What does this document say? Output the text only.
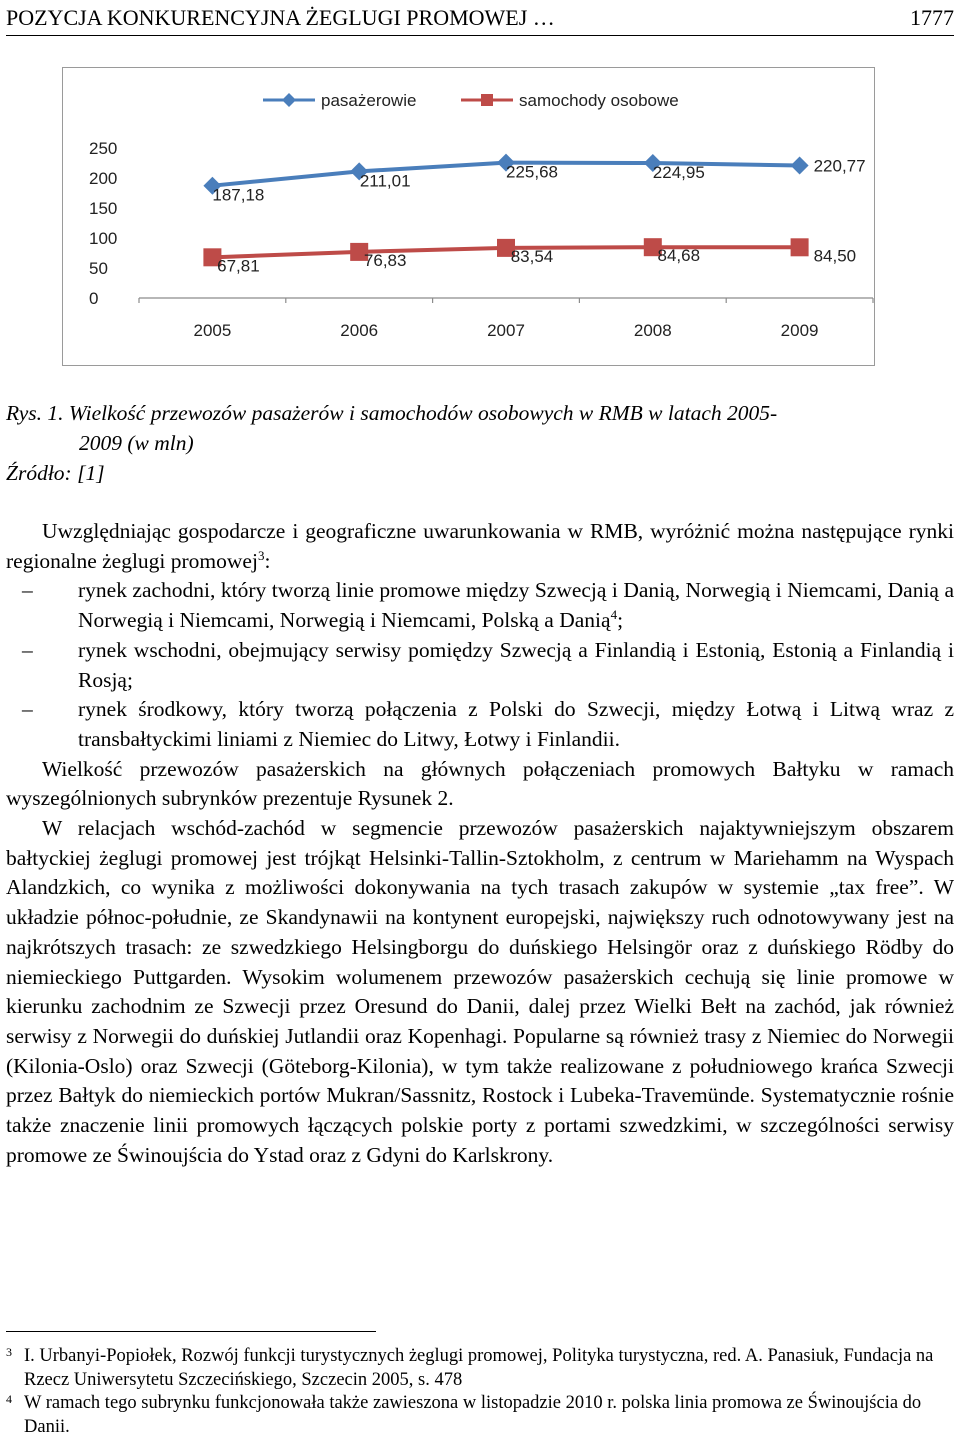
POZYCJA KONKURENCYJNA ŻEGLUGI PROMOWEJ …	1777
pasażerowie	samochody osobowe
250
200
150
100
50
0
2005	2006	2007	2008	2009
187,18
211,01	225,68	224,95	220,77
67,81	76,83	83,54	84,68	84,50
Rys. 1. Wielkość przewozów pasażerów i samochodów osobowych w RMB w latach 2005-
2009 (w mln)
Źródło: [1]

Uwzględniając gospodarcze i geograficzne uwarunkowania w RMB, wyróżnić można następujące rynki regionalne żeglugi promowej$^3$:

– rynek zachodni, który tworzą linie promowe między Szwecją i Danią, Norwegią i Niemcami, Danią a Norwegią i Niemcami, Norwegią i Niemcami, Polską a Danią$^4$;
– rynek wschodni, obejmujący serwisy pomiędzy Szwecją a Finlandią i Estonią, Estonią a Finlandią i Rosją;
– rynek środkowy, który tworzą połączenia z Polski do Szwecji, między Łotwą i Litwą wraz z transbałtyckimi liniami z Niemiec do Litwy, Łotwy i Finlandii.

Wielkość przewozów pasażerskich na głównych połączeniach promowych Bałtyku w ramach wyszególnionych subrynków prezentuje Rysunek 2.

W relacjach wschód-zachód w segmencie przewozów pasażerskich najaktywniejszym obszarem bałtyckiej żeglugi promowej jest trójkąt Helsinki-Tallin-Sztokholm, z centrum w Mariehamm na Wyspach Alandzkich, co wynika z możliwości dokonywania na tych trasach zakupów w systemie „tax free”. W układzie północ-południe, ze Skandynawii na kontynent europejski, największy ruch odnotowywany jest na najkrótszych trasach: ze szwedzkiego Helsingborgu do duńskiego Helsingör oraz z duńskiego Rödby do niemieckiego Puttgarden. Wysokim wolumenem przewozów pasażerskich cechują się linie promowe w kierunku zachodnim ze Szwecji przez Oresund do Danii, dalej przez Wielki Bełt na zachód, jak również serwisy z Norwegii do duńskiej Jutlandii oraz Kopenhagi. Popularne są również trasy z Niemiec do Norwegii (Kilonia-Oslo) oraz Szwecji (Göteborg-Kilonia), w tym także realizowane z południowego krańca Szwecji przez Bałtyk do niemieckich portów Mukran/Sassnitz, Rostock i Lubeka-Travemünde. Systematycznie rośnie także znaczenie linii promowych łączących polskie porty z portami szwedzkimi, w szczególności serwisy promowe ze Świnoujścia do Ystad oraz z Gdyni do Karlskrony.

3 I. Urbanyi-Popiołek, Rozwój funkcji turystycznych żeglugi promowej, Polityka turystyczna, red. A. Panasiuk, Fundacja na Rzecz Uniwersytetu Szczecińskiego, Szczecin 2005, s. 478

4 W ramach tego subrynku funkcjonowała także zawieszona w listopadzie 2010 r. polska linia promowa ze Świnoujścia do Danii.
